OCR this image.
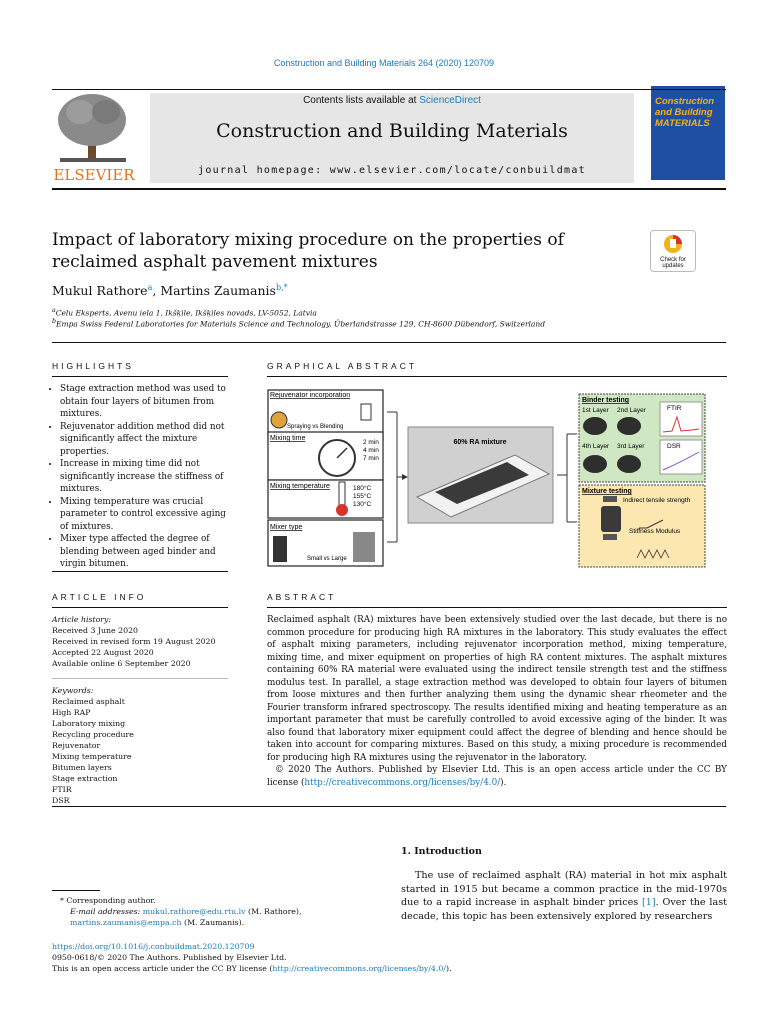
Construction and Building Materials 264 (2020) 120709
ELSEVIER
Contents lists available at ScienceDirect
Construction and Building Materials
journal homepage: www.elsevier.com/locate/conbuildmat
Construction and Building MATERIALS
Impact of laboratory mixing procedure on the properties of reclaimed asphalt pavement mixtures	Check for
updates
Mukul Rathore$^a$, Martins Zaumanis$^{b,*}$
$^a$Celu Eksperts, Avenu iela 1, Ikšķile, Ikšķiles novads, LV-5052, Latvia
$^b$Empa Swiss Federal Laboratories for Materials Science and Technology, Überlandstrasse 129, CH-8600 Dübendorf, Switzerland
HIGHLIGHTS
• Stage extraction method was used to obtain four layers of bitumen from mixtures.
• Rejuvenator addition method did not significantly affect the mixture properties.
• Increase in mixing time did not significantly increase the stiffness of mixtures.
• Mixing temperature was crucial parameter to control excessive aging of mixtures.
• Mixer type affected the degree of blending between aged binder and virgin bitumen.
GRAPHICAL ABSTRACT
Rejuvenator incorporation
Spraying vs Blending
Mixing time
2 min
4 min
7 min
Mixing temperature	180°C
155°C
130°C
Mixer type
Small vs Large
60% RA mixture
Binder testing
1st Layer 2nd Layer
4th Layer 3rd Layer
FTIR
DSR
Mixture testing
Indirect tensile strength
Stiffness Modulus
ARTICLE INFO
Article history:
Received 3 June 2020
Received in revised form 19 August 2020
Accepted 22 August 2020
Available online 6 September 2020
Keywords:
Reclaimed asphalt
High RAP
Laboratory mixing
Recycling procedure
Rejuvenator
Mixing temperature
Bitumen layers
Stage extraction
FTIR
DSR
ABSTRACT
Reclaimed asphalt (RA) mixtures have been extensively studied over the last decade, but there is no common procedure for producing high RA mixtures in the laboratory. This study evaluates the effect of asphalt mixing parameters, including rejuvenator incorporation method, mixing temperature, mixing time, and mixer equipment on properties of high RA content mixtures. The asphalt mixtures containing 60% RA material were evaluated using the indirect tensile strength test and the stiffness modulus test. In parallel, a stage extraction method was developed to obtain four layers of bitumen from loose mixtures and then further analyzing them using the dynamic shear rheometer and the Fourier transform infrared spectroscopy. The results identified mixing and heating temperature as an important parameter that must be carefully controlled to avoid excessive aging of the binder. It was also found that laboratory mixer equipment could affect the degree of blending and hence should be taken into account for comparing mixtures. Based on this study, a mixing procedure is recommended for producing high RA mixtures using the rejuvenator in the laboratory.
© 2020 The Authors. Published by Elsevier Ltd. This is an open access article under the CC BY license (http://creativecommons.org/licenses/by/4.0/).
1. Introduction
The use of reclaimed asphalt (RA) material in hot mix asphalt started in 1915 but became a common practice in the mid-1970s due to a rapid increase in asphalt binder prices [1]. Over the last decade, this topic has been extensively explored by researchers
* Corresponding author.
E-mail addresses: mukul.rathore@edu.rtu.lv (M. Rathore), martins.zaumanis@empa.ch (M. Zaumanis).
https://doi.org/10.1016/j.conbuildmat.2020.120709
0950-0618/© 2020 The Authors. Published by Elsevier Ltd.
This is an open access article under the CC BY license (http://creativecommons.org/licenses/by/4.0/).
